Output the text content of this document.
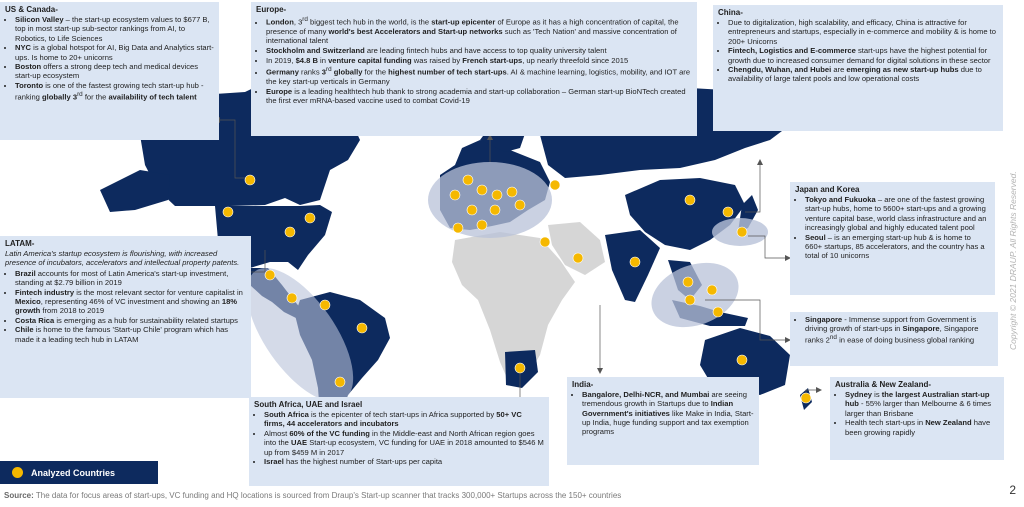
US & Canada-
• Silicon Valley – the start-up ecosystem values to $677 B, top in most start-up sub-sector rankings from AI, to Robotics, to Life Sciences
• NYC is a global hotspot for AI, Big Data and Analytics start-ups. Is home to 20+ unicorns
• Boston offers a strong deep tech and medical devices start-up ecosystem
• Toronto is one of the fastest growing tech start-up hub - ranking globally 3rd for the availability of tech talent
Europe-
• London, 3rd biggest tech hub in the world, is the start-up epicenter of Europe as it has a high concentration of capital, the presence of many world's best Accelerators and Start-up networks such as 'Tech Nation' and massive concentration of international talent
• Stockholm and Switzerland are leading fintech hubs and have access to top quality university talent
• In 2019, $4.8 B in venture capital funding was raised by French start-ups, up nearly threefold since 2015
• Germany ranks 3rd globally for the highest number of tech start-ups. AI & machine learning, logistics, mobility, and IOT are the key start-up verticals in Germany
• Europe is a leading healthtech hub thank to strong academia and start-up collaboration – German start-up BioNTech created the first ever mRNA-based vaccine used to combat Covid-19
China-
• Due to digitalization, high scalability, and efficacy, China is attractive for entrepreneurs and startups, especially in e-commerce and mobility & is home to 200+ Unicorns
• Fintech, Logistics and E-commerce start-ups have the highest potential for growth due to increased consumer demand for digital solutions in these sector
• Chengdu, Wuhan, and Hubei are emerging as new start-up hubs due to availability of large talent pools and low operational costs
Japan and Korea
• Tokyo and Fukuoka – are one of the fastest growing start-up hubs, home to 5600+ start-ups and a growing venture capital base, world class infrastructure and an increasingly global and highly educated talent pool
• Seoul – is an emerging start-up hub & is home to 660+ startups, 85 accelerators, and the country has a total of 10 unicorns
• Singapore - Immense support from Government is driving growth of start-ups in Singapore, Singapore ranks 2nd in ease of doing business global ranking
Australia & New Zealand-
• Sydney is the largest Australian start-up hub - 55% larger than Melbourne & 6 times larger than Brisbane
• Health tech start-ups in New Zealand have been growing rapidly
India-
• Bangalore, Delhi-NCR, and Mumbai are seeing tremendous growth in Startups due to Indian Government's initiatives like Make in India, Start-up India, huge funding support and tax exemption programs
South Africa, UAE and Israel
• South Africa is the epicenter of tech start-ups in Africa supported by 50+ VC firms, 44 accelerators and incubators
• Almost 60% of the VC funding in the Middle-east and North African region goes into the UAE Start-up ecosystem, VC funding for UAE in 2018 amounted to $546 M up from $459 M in 2017
• Israel has the highest number of Start-ups per capita
LATAM-
Latin America's startup ecosystem is flourishing, with increased presence of incubators, accelerators and intellectual property patents.
• Brazil accounts for most of Latin America's start-up investment, standing at $2.79 billion in 2019
• Fintech industry is the most relevant sector for venture capitalist in Mexico, representing 46% of VC investment and showing an 18% growth from 2018 to 2019
• Costa Rica is emerging as a hub for sustainability related startups
• Chile is home to the famous 'Start-up Chile' program which has made it a leading tech hub in LATAM
Analyzed Countries
Source: The data for focus areas of start-ups, VC funding and HQ locations is sourced from Draup's Start-up scanner that tracks 300,000+ Startups across the 150+ countries	2
Copyright © 2021 DRAUP. All Rights Reserved.
